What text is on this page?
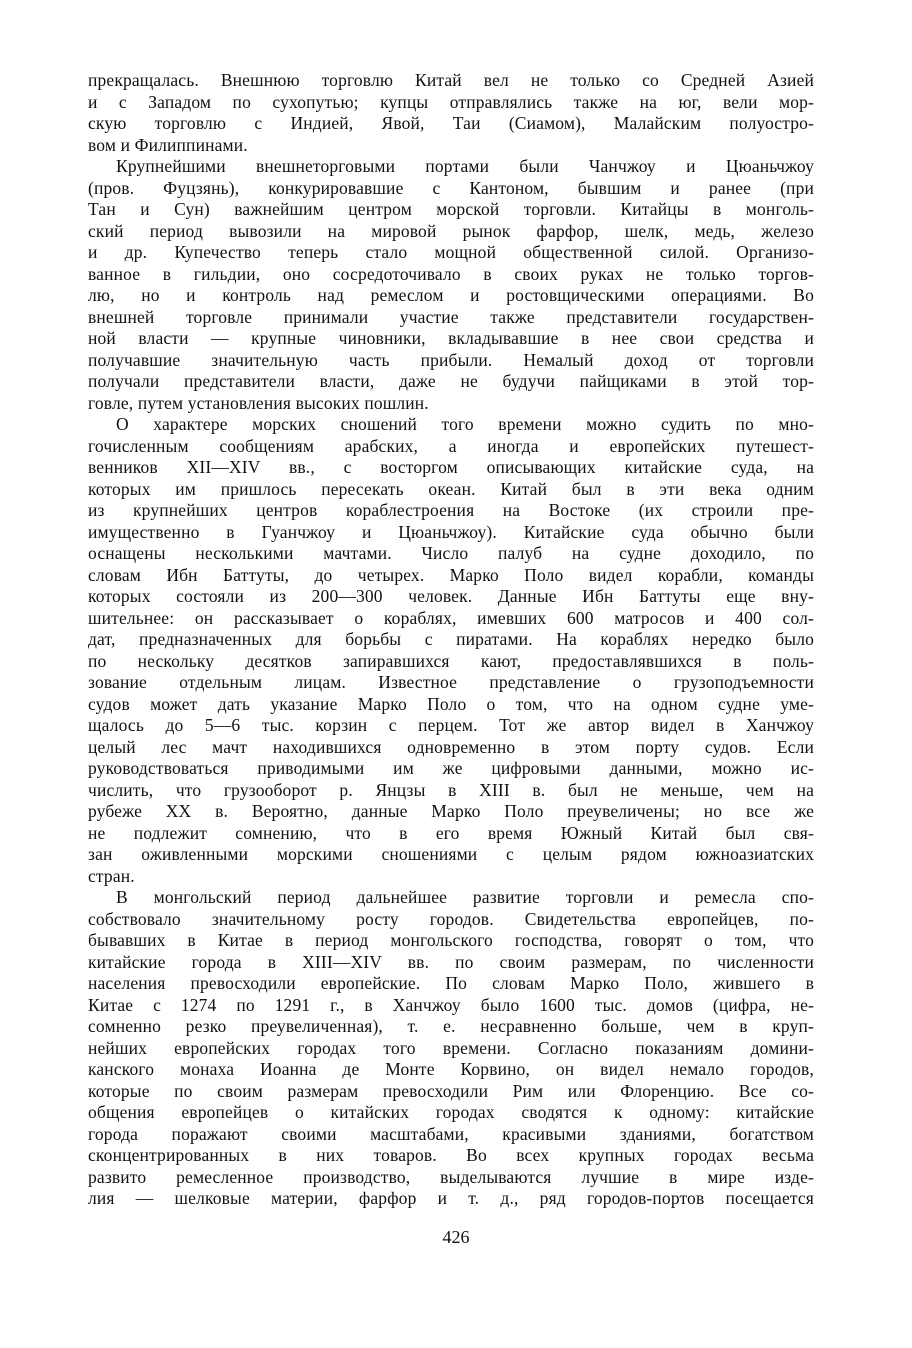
прекращалась. Внешнюю торговлю Китай вел не только со Средней Азией
и с Западом по сухопутью; купцы отправлялись также на юг, вели мор-
скую торговлю с Индией, Явой, Таи (Сиамом), Малайским полуостро-
вом и Филиппинами.
Крупнейшими внешнеторговыми портами были Чанчжоу и Цюаньчжоу
(пров. Фуцзянь), конкурировавшие с Кантоном, бывшим и ранее (при
Тан и Сун) важнейшим центром морской торговли. Китайцы в монголь-
ский период вывозили на мировой рынок фарфор, шелк, медь, железо
и др. Купечество теперь стало мощной общественной силой. Организо-
ванное в гильдии, оно сосредоточивало в своих руках не только торгов-
лю, но и контроль над ремеслом и ростовщическими операциями. Во
внешней торговле принимали участие также представители государствен-
ной власти — крупные чиновники, вкладывавшие в нее свои средства и
получавшие значительную часть прибыли. Немалый доход от торговли
получали представители власти, даже не будучи пайщиками в этой тор-
говле, путем установления высоких пошлин.
О характере морских сношений того времени можно судить по мно-
гочисленным сообщениям арабских, а иногда и европейских путешест-
венников XII—XIV вв., с восторгом описывающих китайские суда, на
которых им пришлось пересекать океан. Китай был в эти века одним
из крупнейших центров кораблестроения на Востоке (их строили пре-
имущественно в Гуанчжоу и Цюаньчжоу). Китайские суда обычно были
оснащены несколькими мачтами. Число палуб на судне доходило, по
словам Ибн Баттуты, до четырех. Марко Поло видел корабли, команды
которых состояли из 200—300 человек. Данные Ибн Баттуты еще вну-
шительнее: он рассказывает о кораблях, имевших 600 матросов и 400 сол-
дат, предназначенных для борьбы с пиратами. На кораблях нередко было
по нескольку десятков запиравшихся кают, предоставлявшихся в поль-
зование отдельным лицам. Известное представление о грузоподъемности
судов может дать указание Марко Поло о том, что на одном судне уме-
щалось до 5—6 тыс. корзин с перцем. Тот же автор видел в Ханчжоу
целый лес мачт находившихся одновременно в этом порту судов. Если
руководствоваться приводимыми им же цифровыми данными, можно ис-
числить, что грузооборот р. Янцзы в XIII в. был не меньше, чем на
рубеже XX в. Вероятно, данные Марко Поло преувеличены; но все же
не подлежит сомнению, что в его время Южный Китай был свя-
зан оживленными морскими сношениями с целым рядом южноазиатских
стран.
В монгольский период дальнейшее развитие торговли и ремесла спо-
собствовало значительному росту городов. Свидетельства европейцев, по-
бывавших в Китае в период монгольского господства, говорят о том, что
китайские города в XIII—XIV вв. по своим размерам, по численности
населения превосходили европейские. По словам Марко Поло, жившего в
Китае с 1274 по 1291 г., в Ханчжоу было 1600 тыс. домов (цифра, не-
сомненно резко преувеличенная), т. е. несравненно больше, чем в круп-
нейших европейских городах того времени. Согласно показаниям домини-
канского монаха Иоанна де Монте Корвино, он видел немало городов,
которые по своим размерам превосходили Рим или Флоренцию. Все со-
общения европейцев о китайских городах сводятся к одному: китайские
города поражают своими масштабами, красивыми зданиями, богатством
сконцентрированных в них товаров. Во всех крупных городах весьма
развито ремесленное производство, выделываются лучшие в мире изде-
лия — шелковые материи, фарфор и т. д., ряд городов-портов посещается
426
